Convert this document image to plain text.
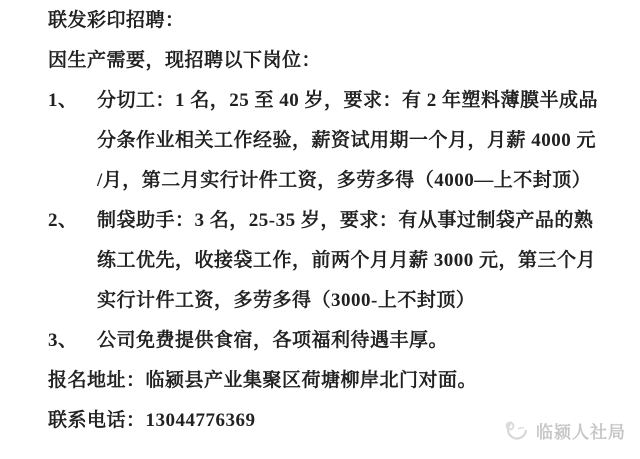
联发彩印招聘：
因生产需要，现招聘以下岗位：
1、 分切工：1 名，25 至 40 岁，要求：有 2 年塑料薄膜半成品
分条作业相关工作经验，薪资试用期一个月，月薪 4000 元
/月，第二月实行计件工资，多劳多得（4000—上不封顶）
2、 制袋助手：3 名，25-35 岁，要求：有从事过制袋产品的熟
练工优先，收接袋工作，前两个月月薪 3000 元，第三个月
实行计件工资，多劳多得（3000-上不封顶）
3、 公司免费提供食宿，各项福利待遇丰厚。
报名地址：临颍县产业集聚区荷塘柳岸北门对面。
联系电话：13044776369
临颍人社局
